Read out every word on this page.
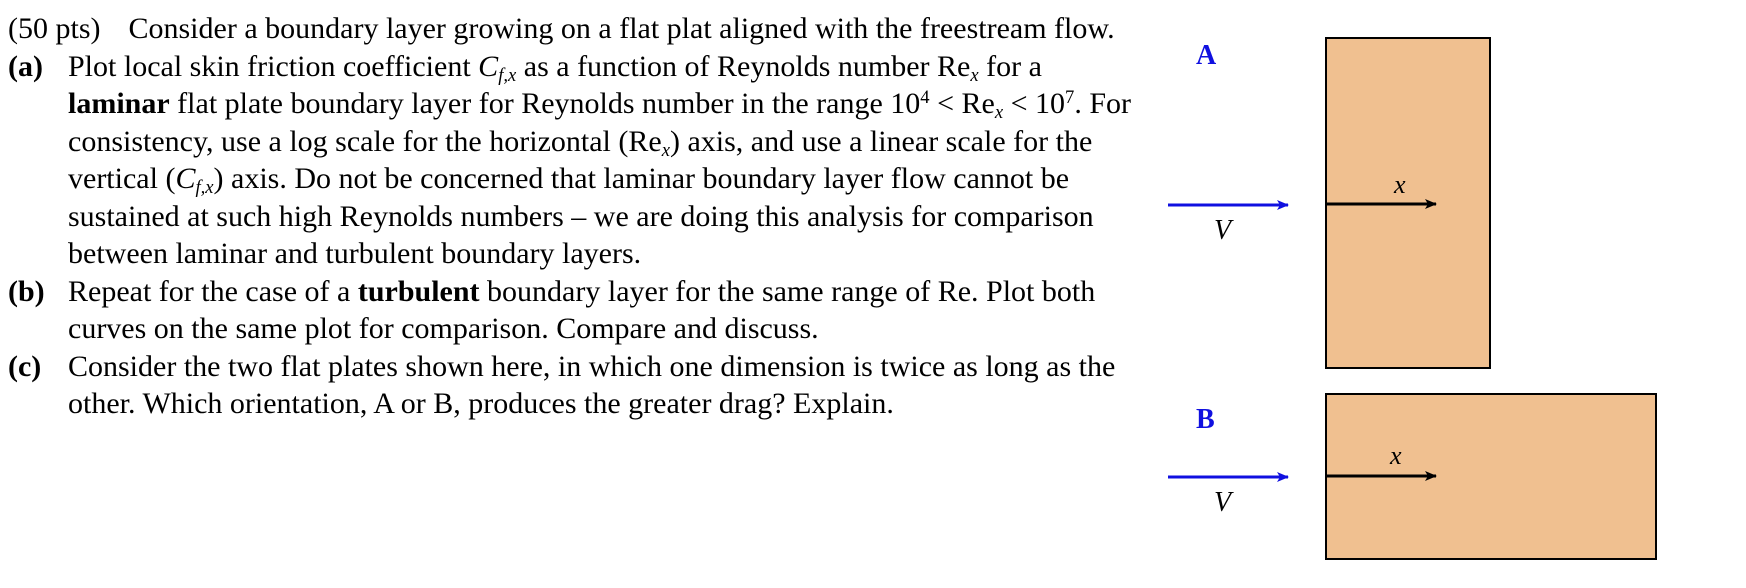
(50 pts) Consider a boundary layer growing on a flat plat aligned with the freestream flow.

(a) Plot local skin friction coefficient $C_{f,x}$ as a function of Reynolds number $Re_x$ for a laminar flat plate boundary layer for Reynolds number in the range $10^4 < Re_x < 10^7$. For consistency, use a log scale for the horizontal $(Re_x)$ axis, and use a linear scale for the vertical $(C_{f,x})$ axis. Do not be concerned that laminar boundary layer flow cannot be sustained at such high Reynolds numbers – we are doing this analysis for comparison between laminar and turbulent boundary layers.

(b) Repeat for the case of a turbulent boundary layer for the same range of Re. Plot both curves on the same plot for comparison. Compare and discuss.

(c) Consider the two flat plates shown here, in which one dimension is twice as long as the other. Which orientation, A or B, produces the greater drag? Explain.

A
V
x
B
V
x
